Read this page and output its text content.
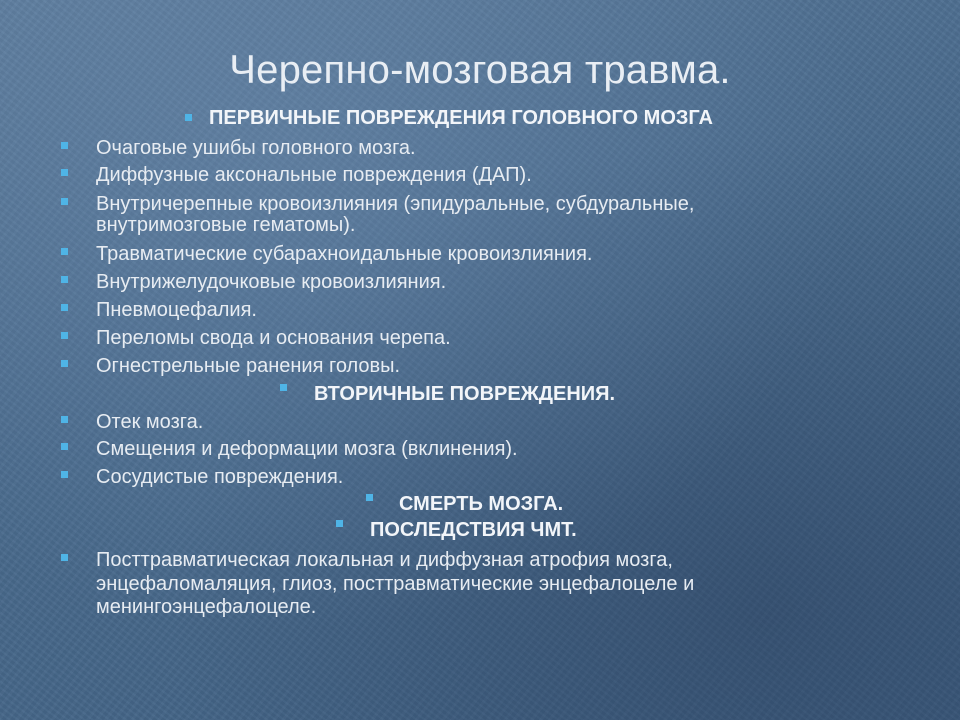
Черепно-мозговая травма.
ПЕРВИЧНЫЕ ПОВРЕЖДЕНИЯ ГОЛОВНОГО МОЗГА
Очаговые ушибы головного мозга.
Диффузные аксональные повреждения (ДАП).
Внутричерепные кровоизлияния (эпидуральные, субдуральные,
внутримозговые гематомы).
Травматические субарахноидальные кровоизлияния.
Внутрижелудочковые кровоизлияния.
Пневмоцефалия.
Переломы свода и основания черепа.
Огнестрельные ранения головы.
ВТОРИЧНЫЕ ПОВРЕЖДЕНИЯ.
Отек мозга.
Смещения и деформации мозга (вклинения).
Сосудистые повреждения.
СМЕРТЬ МОЗГА.
ПОСЛЕДСТВИЯ ЧМТ.
Посттравматическая локальная и диффузная атрофия мозга,
энцефаломаляция, глиоз, посттравматические энцефалоцеле и
менингоэнцефалоцеле.
